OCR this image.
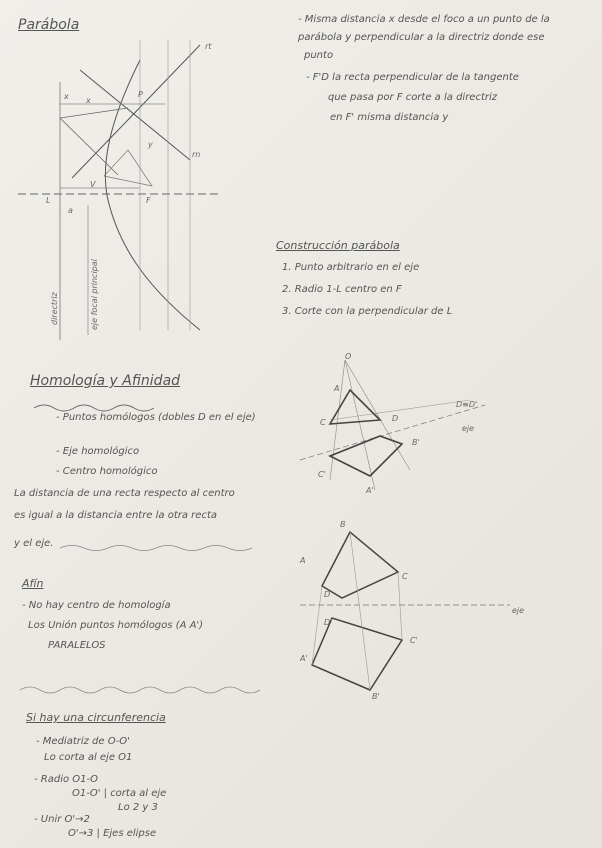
Parábola
rt
rn
P
x x
y
V
F
L
a
directriz	eje focal principal
- Misma distancia x desde el foco a un punto de la
parábola y perpendicular a la directriz donde ese
punto
- F'D la recta perpendicular de la tangente
que pasa por F corte a la directriz
en F' misma distancia y
Construcción parábola
1. Punto arbitrario en el eje
2. Radio 1-L centro en F
3. Corte con la perpendicular de L
Homología y Afinidad
- Puntos homólogos (dobles D en el eje)
- Eje homológico
- Centro homológico
La distancia de una recta respecto al centro
es igual a la distancia entre la otra recta
y el eje.
O
A
C	D
B'
C'
A'
D≡D'
eje
Afín
- No hay centro de homología
Los Unión puntos homólogos (A A')
PARALELOS
B
A
C
D
D'
C'
A'
B'
eje
Si hay una circunferencia
- Mediatriz de O-O'
Lo corta al eje O1
- Radio O1-O
O1-O' | corta al eje
Lo 2 y 3
- Unir O'→2
O'→3 | Ejes elipse
